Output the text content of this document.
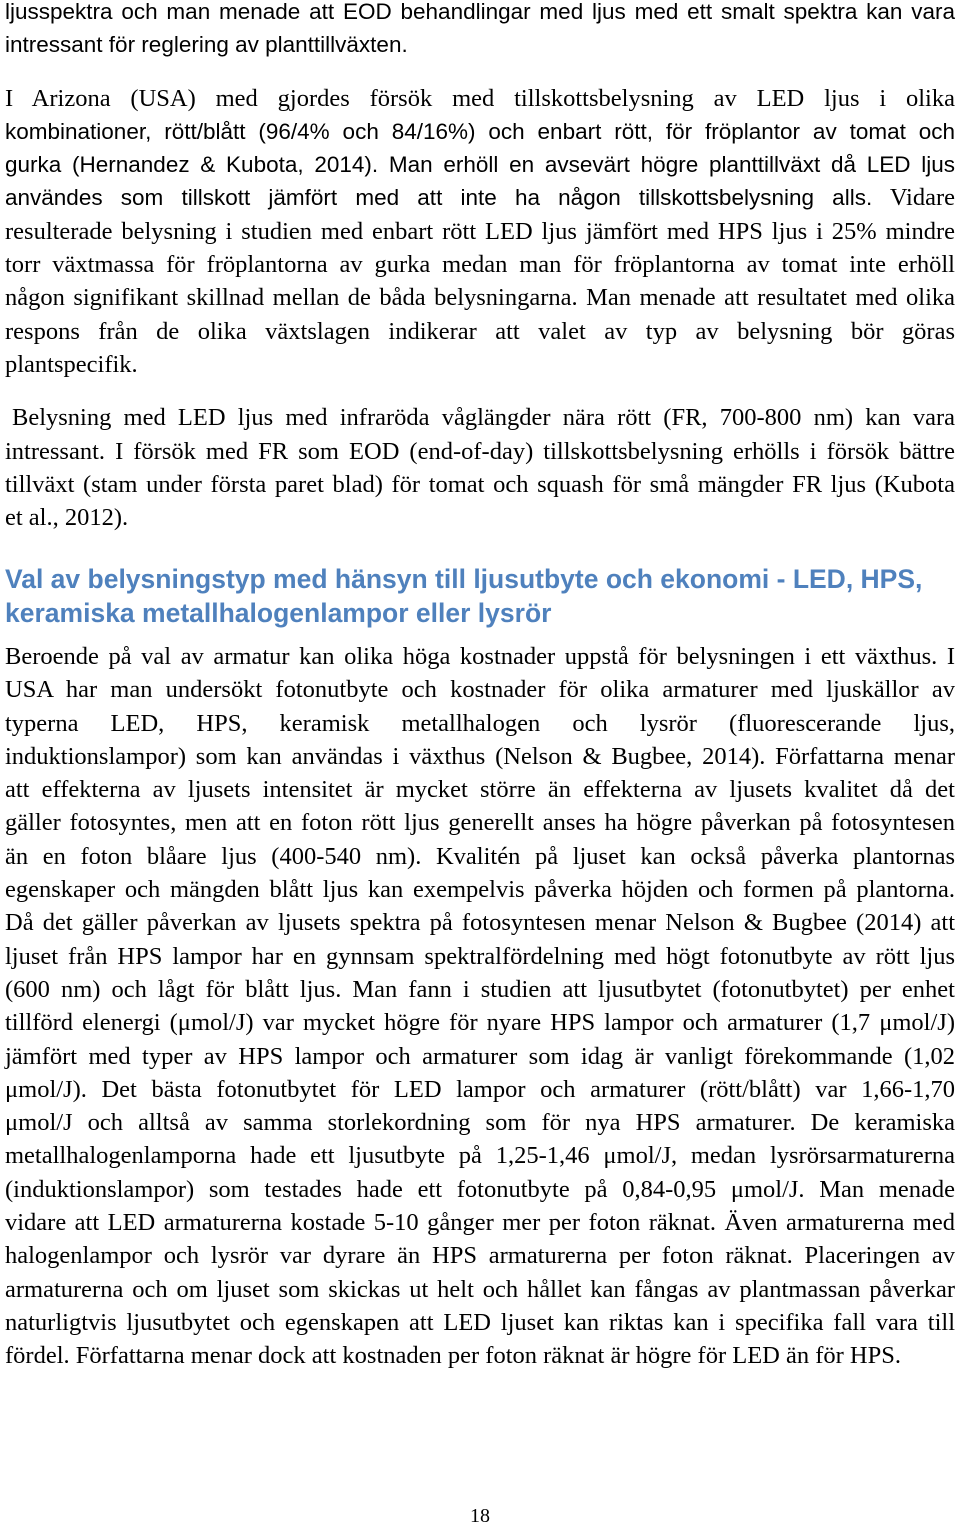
ljusspektra och man menade att EOD behandlingar med ljus med ett smalt spektra kan vara
intressant för reglering av planttillväxten.
I Arizona (USA) med gjordes försök med tillskottsbelysning av LED ljus i olika
kombinationer, rött/blått (96/4% och 84/16%) och enbart rött, för fröplantor av tomat och
gurka (Hernandez & Kubota, 2014). Man erhöll en avsevärt högre planttillväxt då LED ljus
användes som tillskott jämfört med att inte ha någon tillskottsbelysning alls. Vidare
resulterade belysning i studien med enbart rött LED ljus jämfört med HPS ljus i 25% mindre
torr växtmassa för fröplantorna av gurka medan man för fröplantorna av tomat inte erhöll
någon signifikant skillnad mellan de båda belysningarna. Man menade att resultatet med olika
respons från de olika växtslagen indikerar att valet av typ av belysning bör göras
plantspecifik.
Belysning med LED ljus med infraröda våglängder nära rött (FR, 700-800 nm) kan vara
intressant. I försök med FR som EOD (end-of-day) tillskottsbelysning erhölls i försök bättre
tillväxt (stam under första paret blad) för tomat och squash för små mängder FR ljus (Kubota
et al., 2012).
Val av belysningstyp med hänsyn till ljusutbyte och ekonomi - LED, HPS, keramiska metallhalogenlampor eller lysrör
Beroende på val av armatur kan olika höga kostnader uppstå för belysningen i ett växthus. I
USA har man undersökt fotonutbyte och kostnader för olika armaturer med ljuskällor av
typerna LED, HPS, keramisk metallhalogen och lysrör (fluorescerande ljus,
induktionslampor) som kan användas i växthus (Nelson & Bugbee, 2014). Författarna menar
att effekterna av ljusets intensitet är mycket större än effekterna av ljusets kvalitet då det
gäller fotosyntes, men att en foton rött ljus generellt anses ha högre påverkan på fotosyntesen
än en foton blåare ljus (400-540 nm). Kvalitén på ljuset kan också påverka plantornas
egenskaper och mängden blått ljus kan exempelvis påverka höjden och formen på plantorna.
Då det gäller påverkan av ljusets spektra på fotosyntesen menar Nelson & Bugbee (2014) att
ljuset från HPS lampor har en gynnsam spektralfördelning med högt fotonutbyte av rött ljus
(600 nm) och lågt för blått ljus. Man fann i studien att ljusutbytet (fotonutbytet) per enhet
tillförd elenergi (μmol/J) var mycket högre för nyare HPS lampor och armaturer (1,7 μmol/J)
jämfört med typer av HPS lampor och armaturer som idag är vanligt förekommande (1,02
μmol/J). Det bästa fotonutbytet för LED lampor och armaturer (rött/blått) var 1,66-1,70
μmol/J och alltså av samma storlekordning som för nya HPS armaturer. De keramiska
metallhalogenlamporna hade ett ljusutbyte på 1,25-1,46 μmol/J, medan lysrörsarmaturerna
(induktionslampor) som testades hade ett fotonutbyte på 0,84-0,95 μmol/J. Man menade
vidare att LED armaturerna kostade 5-10 gånger mer per foton räknat. Även armaturerna med
halogenlampor och lysrör var dyrare än HPS armaturerna per foton räknat. Placeringen av
armaturerna och om ljuset som skickas ut helt och hållet kan fångas av plantmassan påverkar
naturligtvis ljusutbytet och egenskapen att LED ljuset kan riktas kan i specifika fall vara till
fördel. Författarna menar dock att kostnaden per foton räknat är högre för LED än för HPS.
18
